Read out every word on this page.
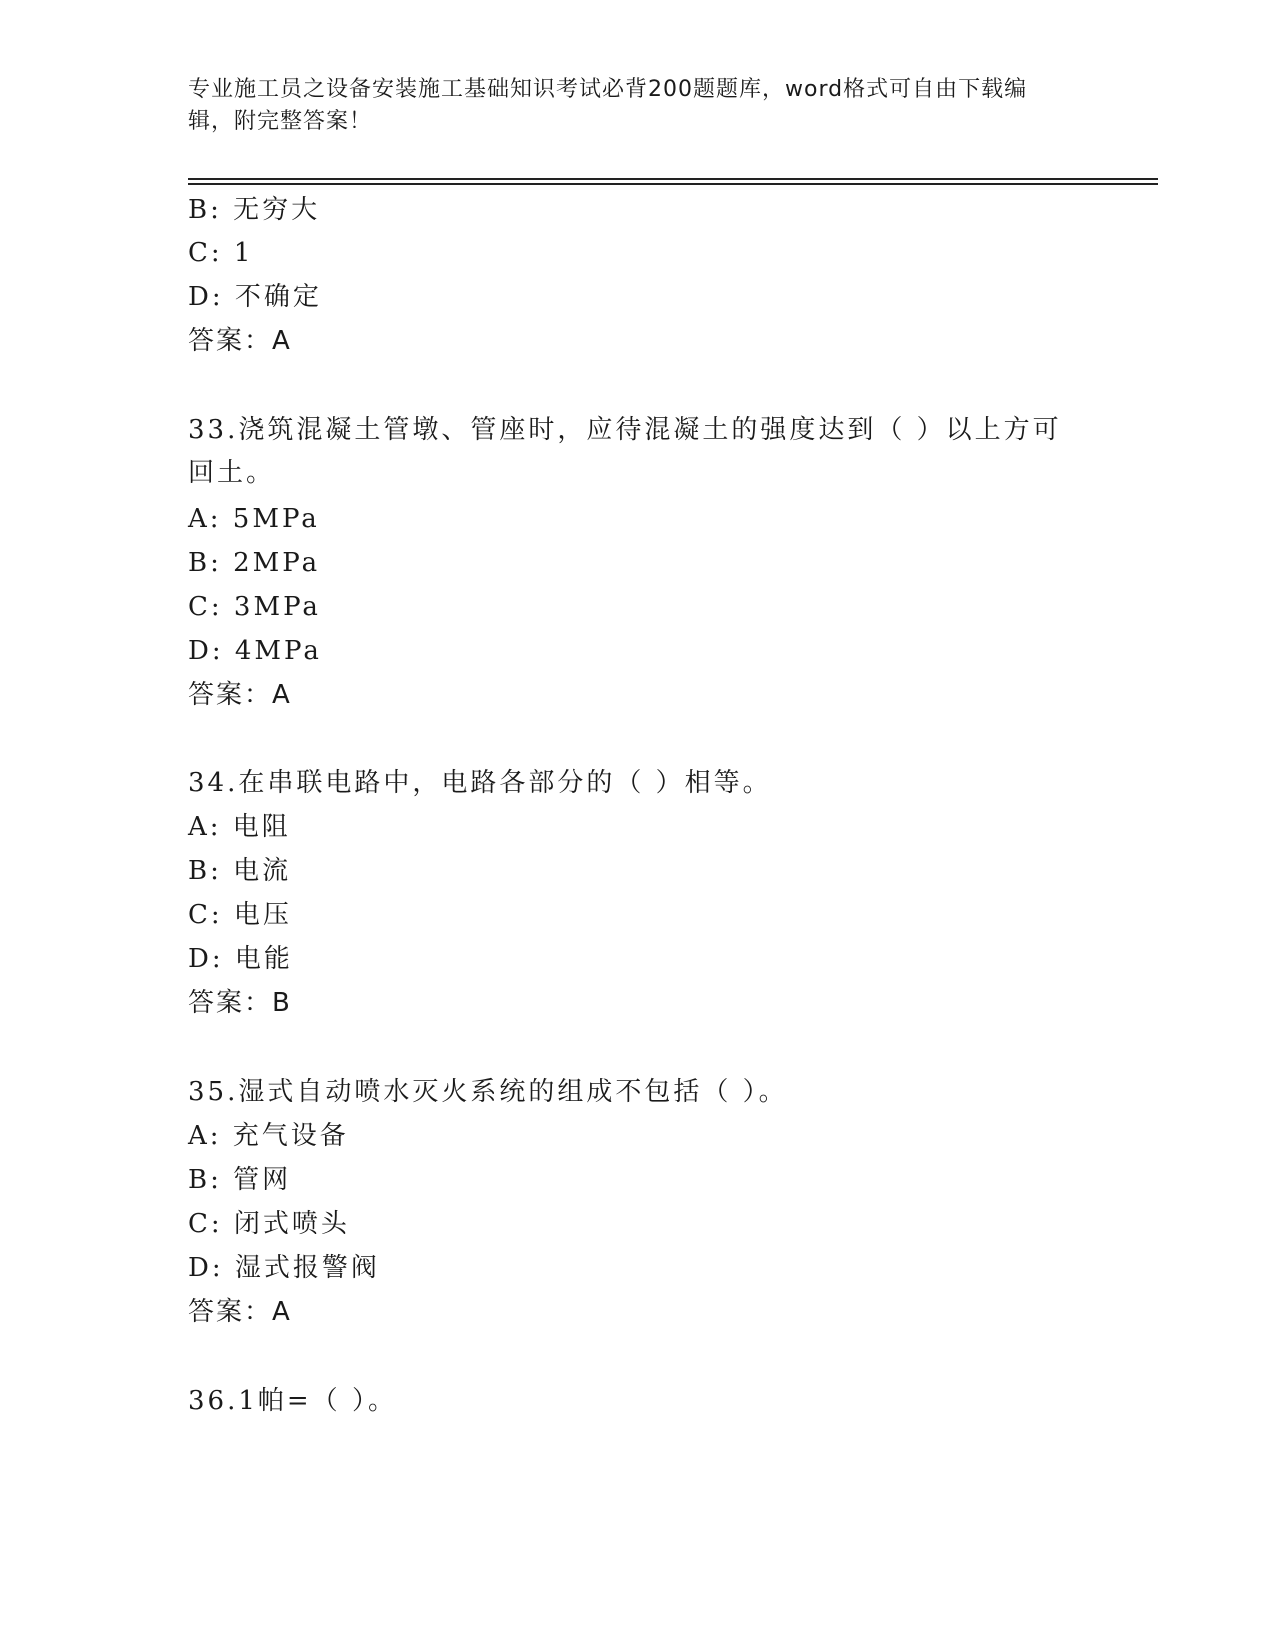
专业施工员之设备安装施工基础知识考试必背200题题库，word格式可自由下载编辑，附完整答案！
B: 无穷大
C: 1
D: 不确定
答案：A
33.浇筑混凝土管墩、管座时，应待混凝土的强度达到（ ）以上方可
回土。
A: 5MPa
B: 2MPa
C: 3MPa
D: 4MPa
答案：A
34.在串联电路中，电路各部分的（ ）相等。
A: 电阻
B: 电流
C: 电压
D: 电能
答案：B
35.湿式自动喷水灭火系统的组成不包括（ ）。
A: 充气设备
B: 管网
C: 闭式喷头
D: 湿式报警阀
答案：A
36.1帕=（ ）。
